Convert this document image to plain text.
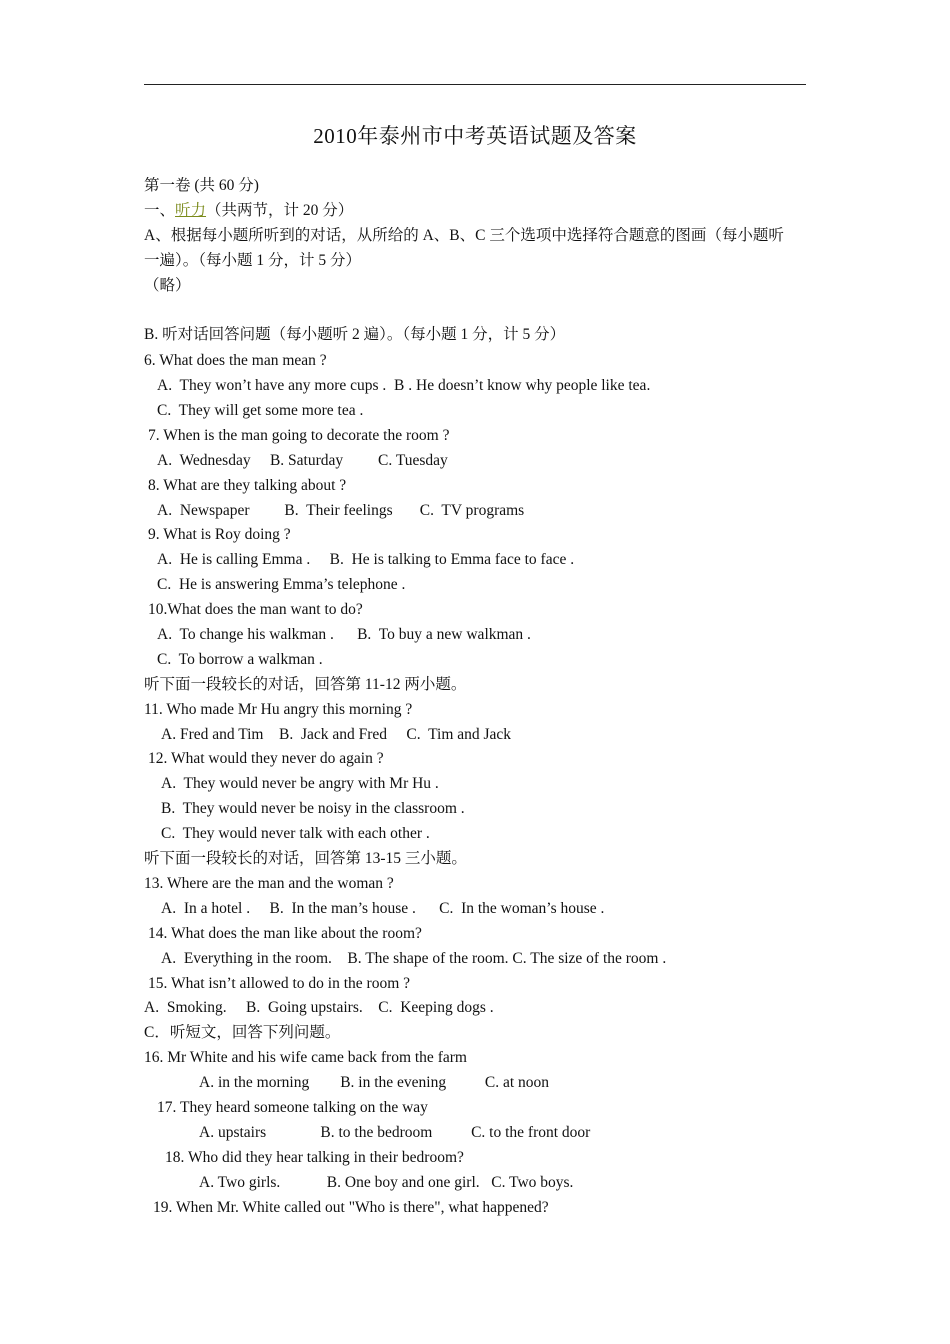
2010年泰州市中考英语试题及答案
第一卷 (共 60 分)
一、听力（共两节，计 20 分）
A、根据每小题所听到的对话，从所给的 A、B、C 三个选项中选择符合题意的图画（每小题听
一遍）。（每小题 1 分，计 5 分）
（略）
B. 听对话回答问题（每小题听 2 遍）。（每小题 1 分，计 5 分）
6. What does the man mean ?
A.  They won’t have any more cups .  B . He doesn’t know why people like tea.
C.  They will get some more tea .
7. When is the man going to decorate the room ?
A.  Wednesday     B. Saturday         C. Tuesday
8. What are they talking about ?
A.  Newspaper         B.  Their feelings       C.  TV programs
9. What is Roy doing ?
A.  He is calling Emma .     B.  He is talking to Emma face to face .
C.  He is answering Emma’s telephone .
10.What does the man want to do?
A.  To change his walkman .      B.  To buy a new walkman .
C.  To borrow a walkman .
听下面一段较长的对话，回答第 11-12 两小题。
11. Who made Mr Hu angry this morning ?
A. Fred and Tim    B.  Jack and Fred     C.  Tim and Jack
12. What would they never do again ?
A.  They would never be angry with Mr Hu .
B.  They would never be noisy in the classroom .
C.  They would never talk with each other .
听下面一段较长的对话，回答第 13-15 三小题。
13. Where are the man and the woman ?
A.  In a hotel .     B.  In the man’s house .      C.  In the woman’s house .
14. What does the man like about the room?
A.  Everything in the room.    B. The shape of the room. C. The size of the room .
15. What isn’t allowed to do in the room ?
A.  Smoking.     B.  Going upstairs.    C.  Keeping dogs .
C．听短文，回答下列问题。
16. Mr White and his wife came back from the farm
A. in the morning        B. in the evening          C. at noon
17. They heard someone talking on the way
A. upstairs              B. to the bedroom          C. to the front door
18. Who did they hear talking in their bedroom?
A. Two girls.            B. One boy and one girl.   C. Two boys.
19. When Mr. White called out "Who is there", what happened?
